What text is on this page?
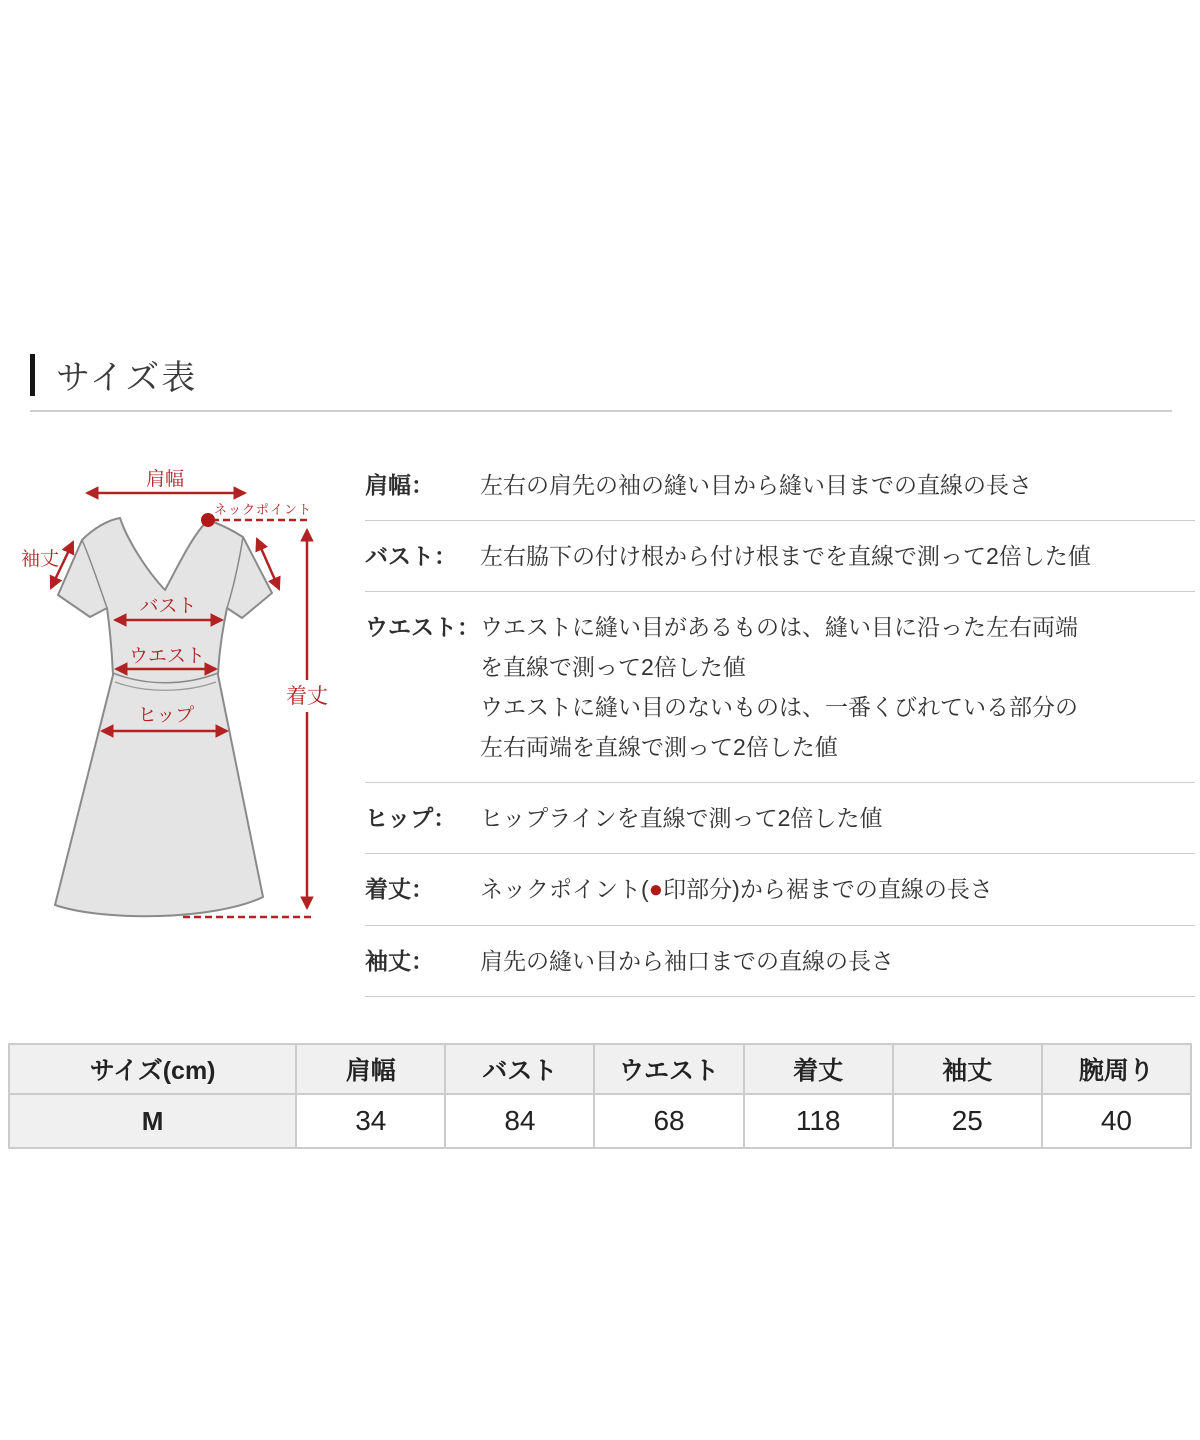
サイズ表
肩幅
ネックポイント
袖丈
バスト
ウエスト
ヒップ
着丈
肩幅：	左右の肩先の袖の縫い目から縫い目までの直線の長さ
バスト：	左右脇下の付け根から付け根までを直線で測って2倍した値
ウエスト： ウエストに縫い目があるものは、縫い目に沿った左右両端
を直線で測って2倍した値
ウエストに縫い目のないものは、一番くびれている部分の
左右両端を直線で測って2倍した値
ヒップ：	ヒップラインを直線で測って2倍した値
着丈：	ネックポイント(●印部分)から裾までの直線の長さ
袖丈：	肩先の縫い目から袖口までの直線の長さ
サイズ(cm)	肩幅	バスト	ウエスト	着丈	袖丈	腕周り
M	34	84	68	118	25	40
